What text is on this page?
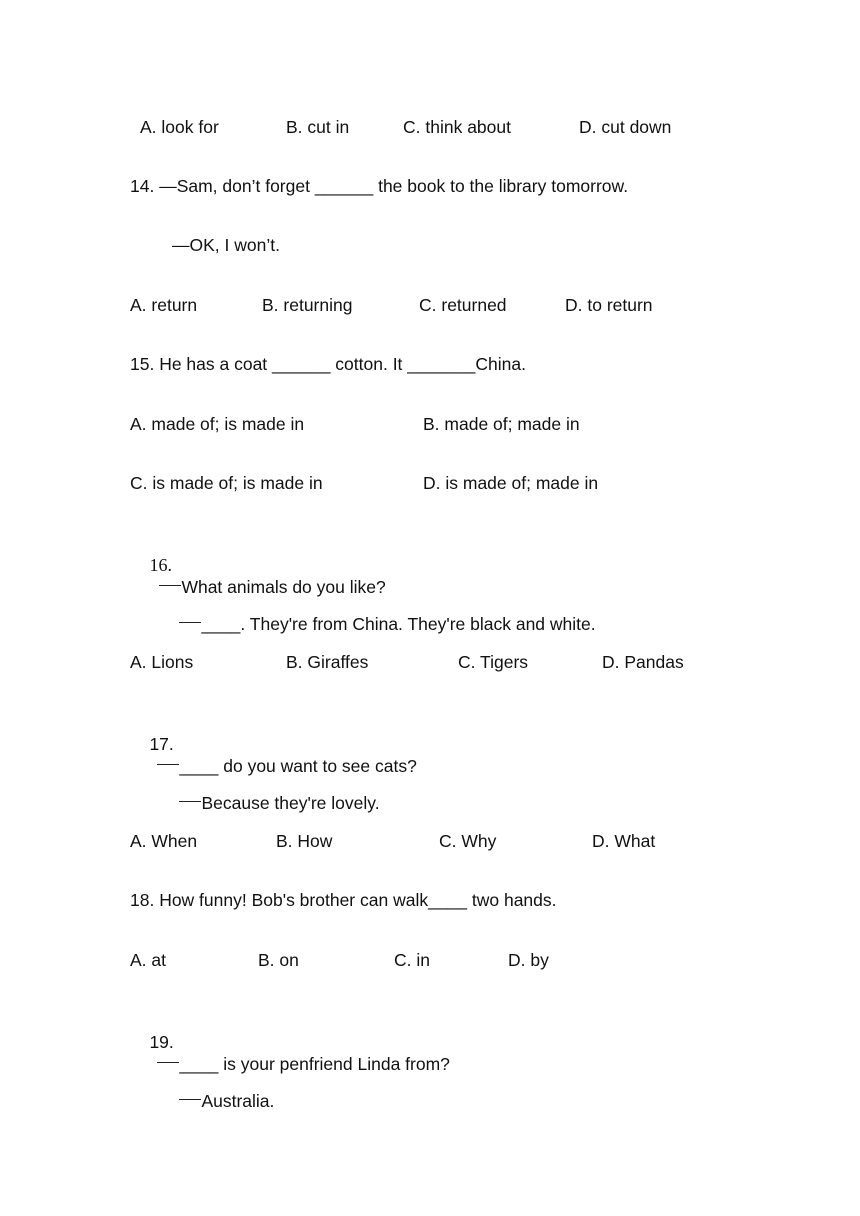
A. look for	B. cut in	C. think about	D. cut down
14. —Sam, don’t forget ______ the book to the library tomorrow.
—OK, I won’t.
A. return	B. returning	C. returned	D. to return
15. He has a coat ______ cotton. It _______China.
A. made of; is made in	B. made of; made in
C. is made of; is made in	D. is made of; made in

16.
What animals do you like?

____. They're from China. They're black and white.

A. Lions	B. Giraffes	C. Tigers	D. Pandas

17.
____ do you want to see cats?

Because they're lovely.

A. When	B. How	C. Why	D. What
18. How funny! Bob's brother can walk____ two hands.
A. at	B. on	C. in	D. by

19.
____ is your penfriend Linda from?

Australia.
